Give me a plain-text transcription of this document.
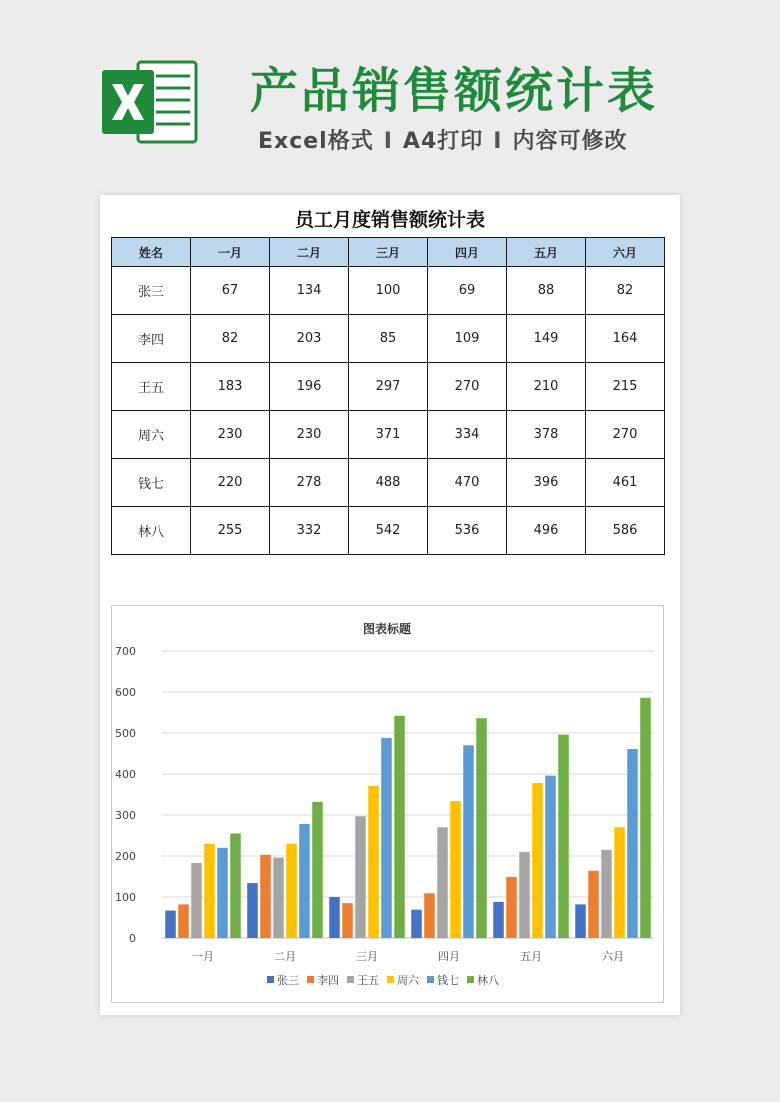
产品销售额统计表
Excel格式 I A4打印 I 内容可修改
员工月度销售额统计表
姓名	一月	二月	三月	四月	五月	六月
张三	67	134	100	69	88	82
李四	82	203	85	109	149	164
王五	183	196	297	270	210	215
周六	230	230	371	334	378	270
钱七	220	278	488	470	396	461
林八	255	332	542	536	496	586
图表标题
0
100
200
300
400
500
600
700
一月	二月	三月	四月	五月	六月
张三 李四 王五 周六 钱七 林八
